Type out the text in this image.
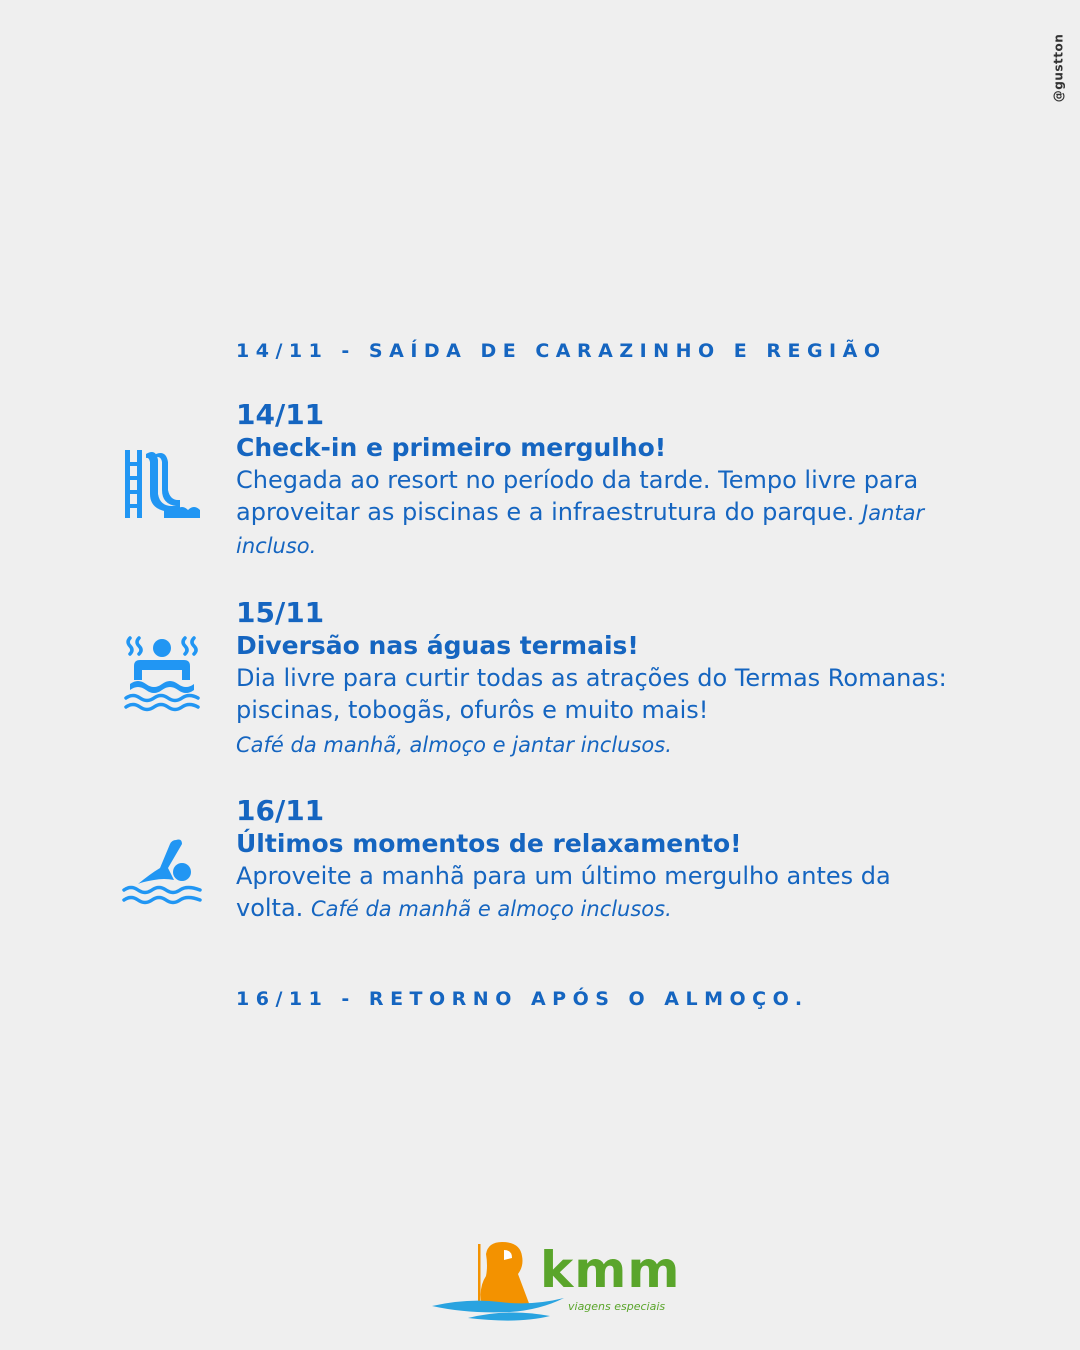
@gustton

14/11 - SAÍDA DE CARAZINHO E REGIÃO

14/11

Check-in e primeiro mergulho!

Chegada ao resort no período da tarde. Tempo livre para aproveitar as piscinas e a infraestrutura do parque. Jantar incluso.

15/11

Diversão nas águas termais!

Dia livre para curtir todas as atrações do Termas Romanas: piscinas, tobogãs, ofurôs e muito mais!

Café da manhã, almoço e jantar inclusos.

16/11

Últimos momentos de relaxamento!

Aproveite a manhã para um último mergulho antes da volta. Café da manhã e almoço inclusos.

16/11 - RETORNO APÓS O ALMOÇO.

kmm

viagens especiais
